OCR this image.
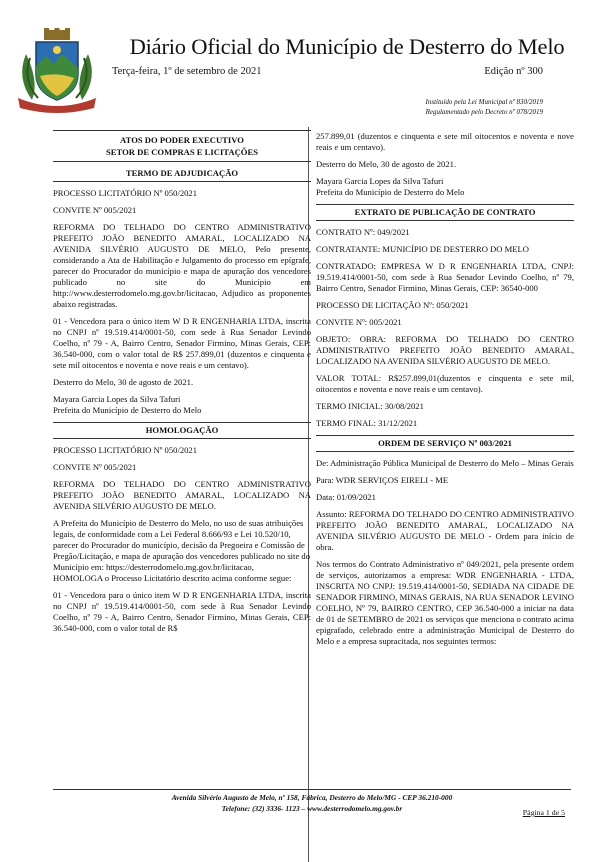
Diário Oficial do Município de Desterro do Melo
Terça-feira, 1º de setembro de 2021	Edição nº 300
Instituído pela Lei Municipal nº 830/2019
Regulamentado pelo Decreto nº 078/2019
ATOS DO PODER EXECUTIVO
SETOR DE COMPRAS E LICITAÇÕES
TERMO DE ADJUDICAÇÃO

PROCESSO LICITATÓRIO Nº 050/2021

CONVITE Nº 005/2021

REFORMA DO TELHADO DO CENTRO ADMINISTRATIVO PREFEITO JOÃO BENEDITO AMARAL, LOCALIZADO NA AVENIDA SILVÉRIO AUGUSTO DE MELO, Pelo presente, considerando a Ata de Habilitação e Julgamento do processo em epígrafe, parecer do Procurador do município e mapa de apuração dos vencedores publicado no site do Município em http://www.desterrodomelo.mg.gov.br/licitacao, Adjudico as proponentes abaixo registradas.

01 - Vencedora para o único item W D R ENGENHARIA LTDA, inscrita no CNPJ nº 19.519.414/0001-50, com sede à Rua Senador Levindo Coelho, nº 79 - A, Bairro Centro, Senador Firmino, Minas Gerais, CEP: 36.540-000, com o valor total de R$ 257.899,01 (duzentos e cinquenta e sete mil oitocentos e noventa e nove reais e um centavo).

Desterro do Melo, 30 de agosto de 2021.

Mayara Garcia Lopes da Silva Tafuri

Prefeita do Município de Desterro do Melo

HOMOLOGAÇÃO

PROCESSO LICITATÓRIO Nº 050/2021

CONVITE Nº 005/2021

REFORMA DO TELHADO DO CENTRO ADMINISTRATIVO PREFEITO JOÃO BENEDITO AMARAL, LOCALIZADO NA AVENIDA SILVÉRIO AUGUSTO DE MELO.

A Prefeita do Município de Desterro do Melo, no uso de suas atribuições legais, de conformidade com a Lei Federal 8.666/93 e Lei 10.520/10, parecer do Procurador do município, decisão da Pregoeira e Comissão de Pregão/Licitação, e mapa de apuração dos vencedores publicado no site do Município em: https://desterrodomelo.mg.gov.br/licitacao,
HOMOLOGA o Processo Licitatório descrito acima conforme segue:

01 - Vencedora para o único item W D R ENGENHARIA LTDA, inscrita no CNPJ nº 19.519.414/0001-50, com sede à Rua Senador Levindo Coelho, nº 79 - A, Bairro Centro, Senador Firmino, Minas Gerais, CEP: 36.540-000, com o valor total de R$

257.899,01 (duzentos e cinquenta e sete mil oitocentos e noventa e nove reais e um centavo).

Desterro do Melo, 30 de agosto de 2021.

Mayara Garcia Lopes da Silva Tafuri

Prefeita do Município de Desterro do Melo

EXTRATO DE PUBLICAÇÃO DE CONTRATO

CONTRATO Nº: 049/2021

CONTRATANTE: MUNICÍPIO DE DESTERRO DO MELO

CONTRATADO: EMPRESA W D R ENGENHARIA LTDA, CNPJ: 19.519.414/0001-50, com sede à Rua Senador Levindo Coelho, nº 79, Bairro Centro, Senador Firmino, Minas Gerais, CEP: 36540-000

PROCESSO DE LICITAÇÃO Nº: 050/2021

CONVITE Nº: 005/2021

OBJETO: OBRA: REFORMA DO TELHADO DO CENTRO ADMINISTRATIVO PREFEITO JOÃO BENEDITO AMARAL, LOCALIZADO NA AVENIDA SILVÉRIO AUGUSTO DE MELO.

VALOR TOTAL: R$257.899,01(duzentos e cinquenta e sete mil, oitocentos e noventa e nove reais e um centavo).

TERMO INICIAL: 30/08/2021

TERMO FINAL: 31/12/2021

ORDEM DE SERVIÇO Nº 003/2021

De: Administração Pública Municipal de Desterro do Melo – Minas Gerais

Para: WDR SERVIÇOS EIRELI - ME

Data: 01/09/2021

Assunto: REFORMA DO TELHADO DO CENTRO ADMINISTRATIVO PREFEITO JOÃO BENEDITO AMARAL, LOCALIZADO NA AVENIDA SILVÉRIO AUGUSTO DE MELO - Ordem para início de obra.

Nos termos do Contrato Administrativo nº 049/2021, pela presente ordem de serviços, autorizamos a empresa: WDR ENGENHARIA - LTDA, INSCRITA NO CNPJ: 19.519.414/0001-50, SEDIADA NA CIDADE DE SENADOR FIRMINO, MINAS GERAIS, NA RUA SENADOR LEVINO COELHO, Nº 79, BAIRRO CENTRO, CEP 36.540-000 a iniciar na data de 01 de SETEMBRO de 2021 os serviços que menciona o contrato acima epigrafado, celebrado entre a administração Municipal de Desterro do Melo e a empresa supracitada, nos seguintes termos:

Avenida Silvério Augusto de Melo, nº 158, Fábrica, Desterro do Melo/MG - CEP 36.210-000
Telefone: (32) 3336- 1123 – www.desterrodomelo.mg.gov.br	Página 1 de 5
